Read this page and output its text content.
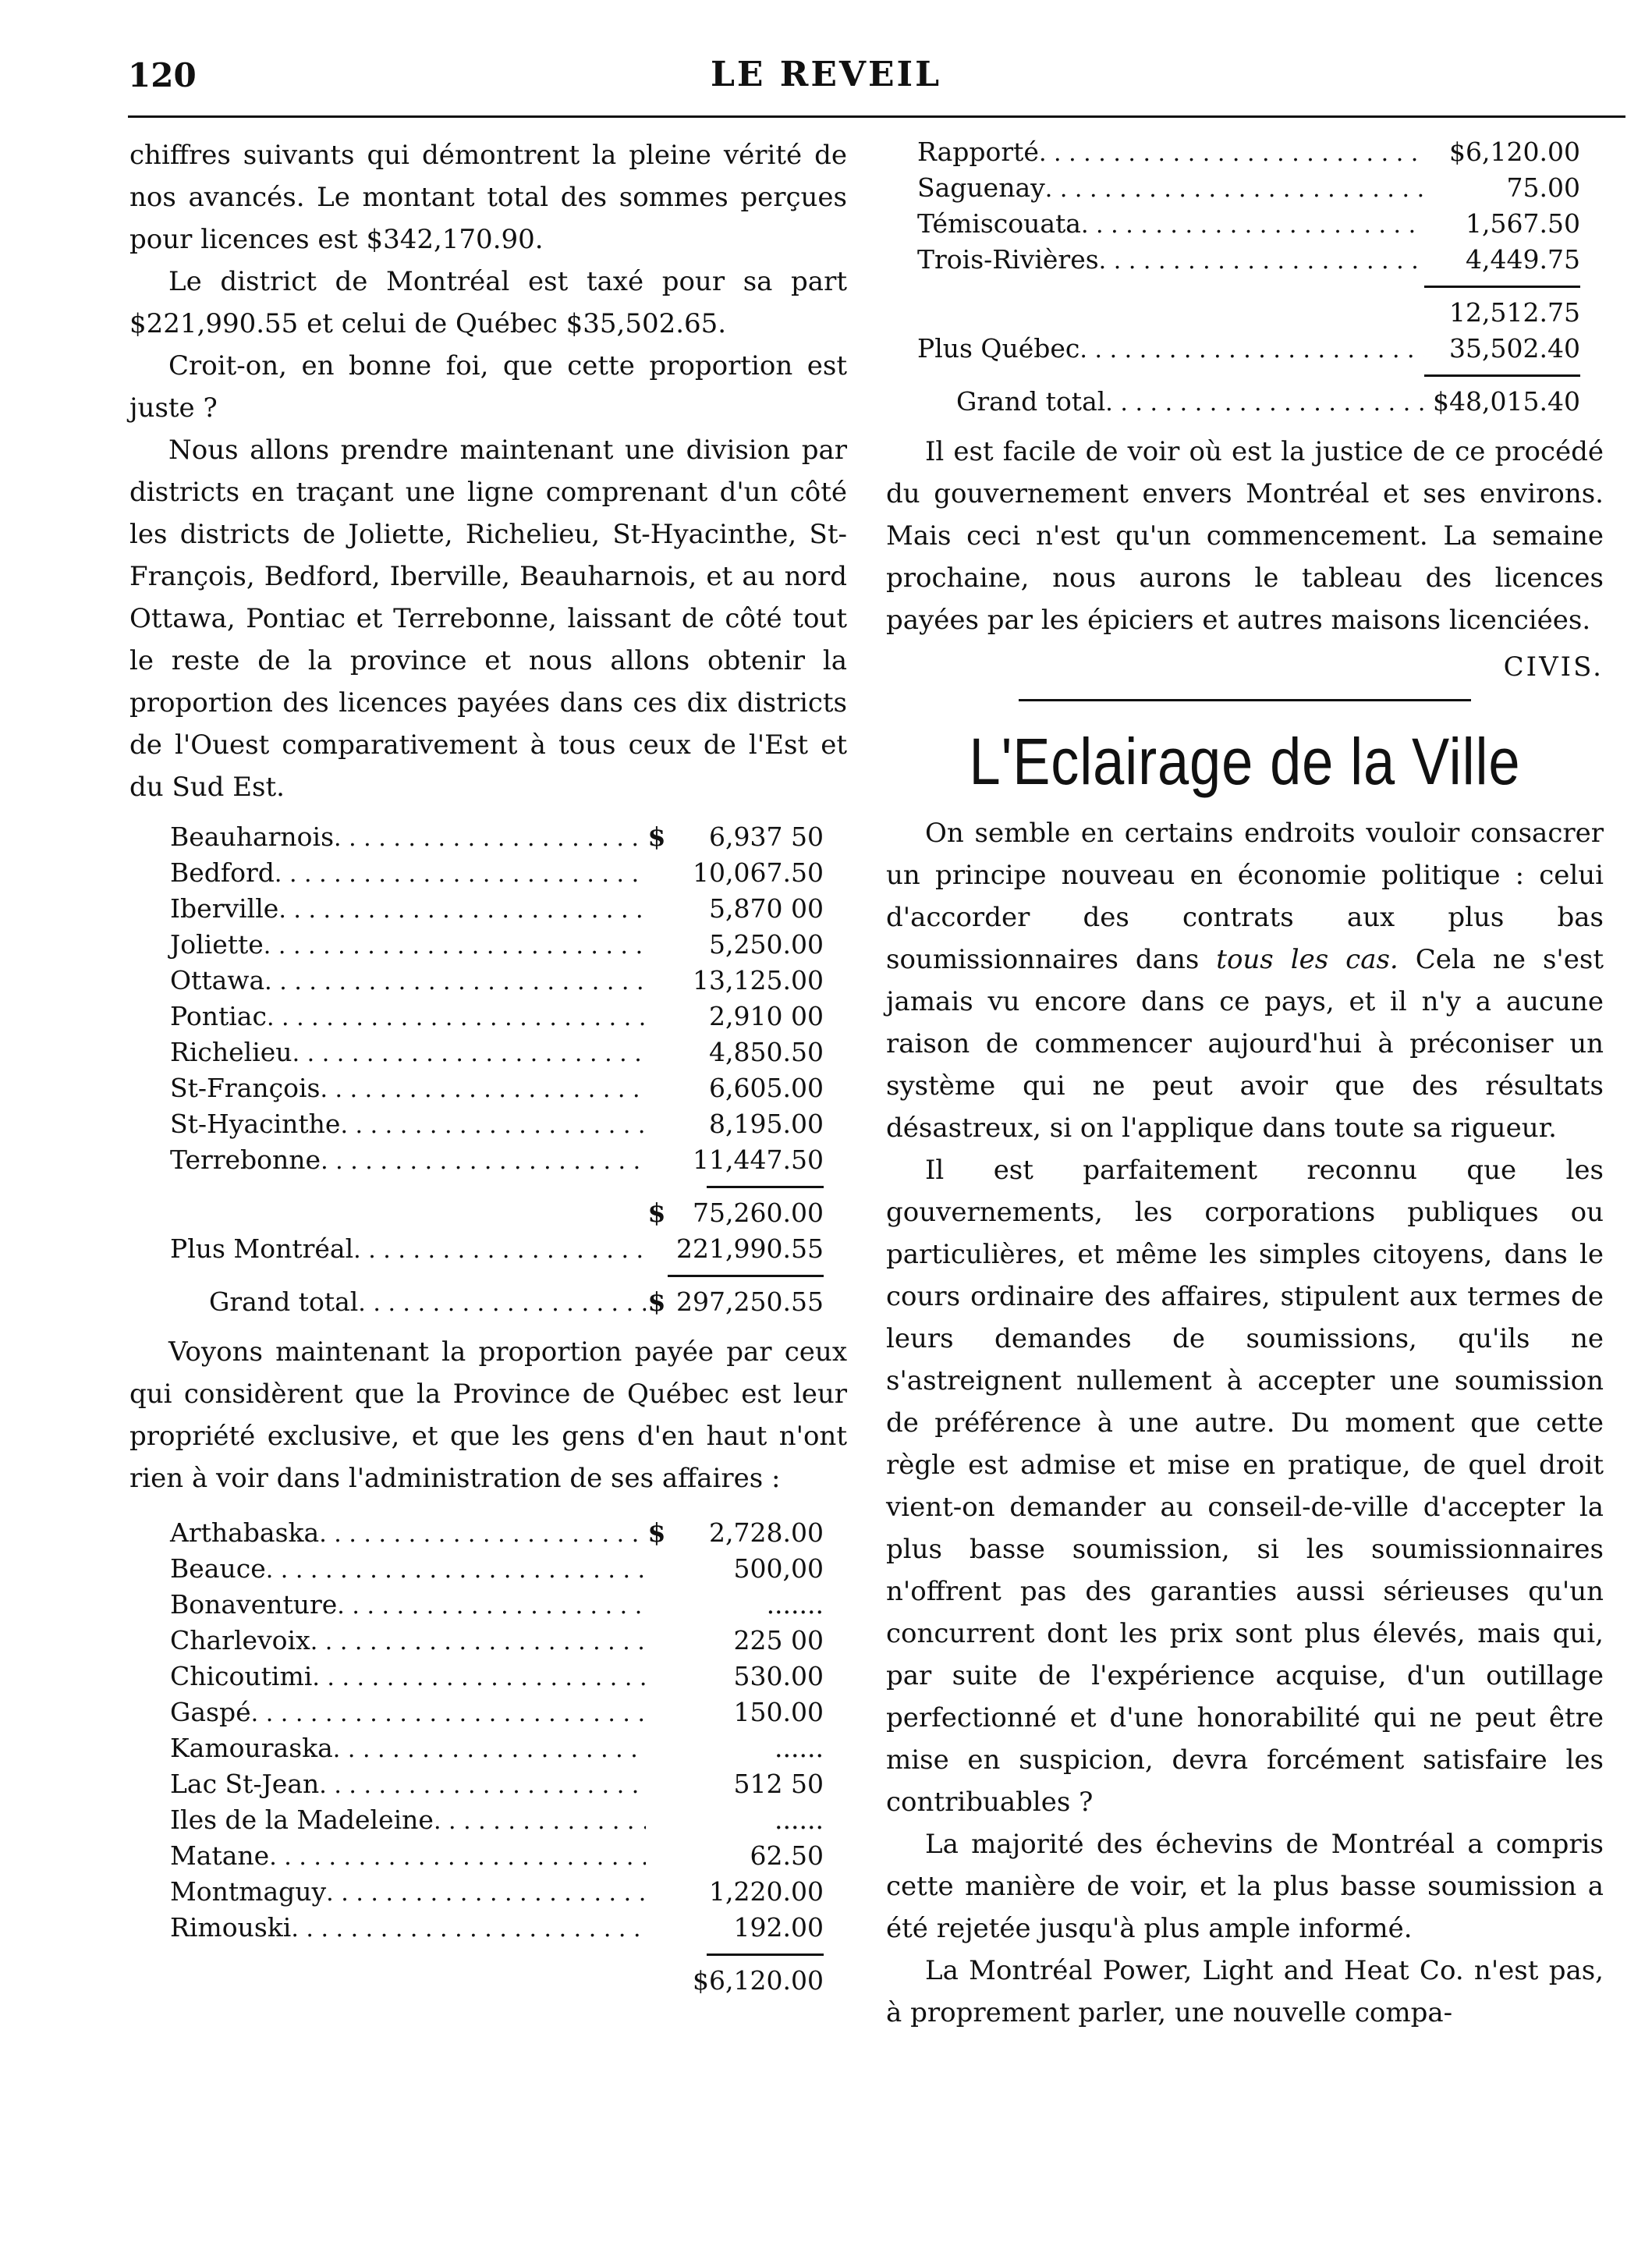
120	LE REVEIL

chiffres suivants qui démontrent la pleine vérité de nos avancés. Le montant total des sommes perçues pour licences est $342,170.90.

Le district de Montréal est taxé pour sa part $221,990.55 et celui de Québec $35,502.65.

Croit-on, en bonne foi, que cette proportion est juste ?

Nous allons prendre maintenant une division par districts en traçant une ligne comprenant d'un côté les districts de Joliette, Richelieu, St-Hyacinthe, St-François, Bedford, Iberville, Beauharnois, et au nord Ottawa, Pontiac et Terrebonne, laissant de côté tout le reste de la province et nous allons obtenir la proportion des licences payées dans ces dix districts de l'Ouest comparativement à tous ceux de l'Est et du Sud Est.

Beauharnois . . .	$	6,937 50
Bedford . . .	10,067.50
Iberville . . .	5,870 00
Joliette . . .	5,250.00
Ottawa . . .	13,125.00
Pontiac . . .	2,910 00
Richelieu . . .	4,850.50
St-François . . .	6,605.00
St-Hyacinthe . . .	8,195.00
Terrebonne . . .	11,447.50
$	75,260.00
Plus Montréal . . .	221,990.55
Grand total . . .	$ 297,250.55

Voyons maintenant la proportion payée par ceux qui considèrent que la Province de Québec est leur propriété exclusive, et que les gens d'en haut n'ont rien à voir dans l'administration de ses affaires :

Arthabaska . . .	$	2,728.00
Beauce . . .	500,00
Bonaventure . . .	.......
Charlevoix . . .	225 00
Chicoutimi . . .	530.00
Gaspé . . .	150.00
Kamouraska . . .	......
Lac St-Jean . . .	512 50
Iles de la Madeleine . . .	......
Matane . . .	62.50
Montmaguy . . .	1,220.00
Rimouski . . .	192.00
$6,120.00
Rapporté . . .	$6,120.00
Saguenay . . .	75.00
Témiscouata . . .	1,567.50
Trois-Rivières . . .	4,449.75
12,512.75
Plus Québec . . .	35,502.40
Grand total . . .	$48,015.40

Il est facile de voir où est la justice de ce procédé du gouvernement envers Montréal et ses environs. Mais ceci n'est qu'un commencement. La semaine prochaine, nous aurons le tableau des licences payées par les épiciers et autres maisons licenciées.

CIVIS.
L'Eclairage de la Ville

On semble en certains endroits vouloir consacrer un principe nouveau en économie politique : celui d'accorder des contrats aux plus bas soumissionnaires dans tous les cas. Cela ne s'est jamais vu encore dans ce pays, et il n'y a aucune raison de commencer aujourd'hui à préconiser un système qui ne peut avoir que des résultats désastreux, si on l'applique dans toute sa rigueur.

Il est parfaitement reconnu que les gouvernements, les corporations publiques ou particulières, et même les simples citoyens, dans le cours ordinaire des affaires, stipulent aux termes de leurs demandes de soumissions, qu'ils ne s'astreignent nullement à accepter une soumission de préférence à une autre. Du moment que cette règle est admise et mise en pratique, de quel droit vient-on demander au conseil-de-ville d'accepter la plus basse soumission, si les soumissionnaires n'offrent pas des garanties aussi sérieuses qu'un concurrent dont les prix sont plus élevés, mais qui, par suite de l'expérience acquise, d'un outillage perfectionné et d'une honorabilité qui ne peut être mise en suspicion, devra forcément satisfaire les contribuables ?

La majorité des échevins de Montréal a compris cette manière de voir, et la plus basse soumission a été rejetée jusqu'à plus ample informé.

La Montréal Power, Light and Heat Co. n'est pas, à proprement parler, une nouvelle compa-
